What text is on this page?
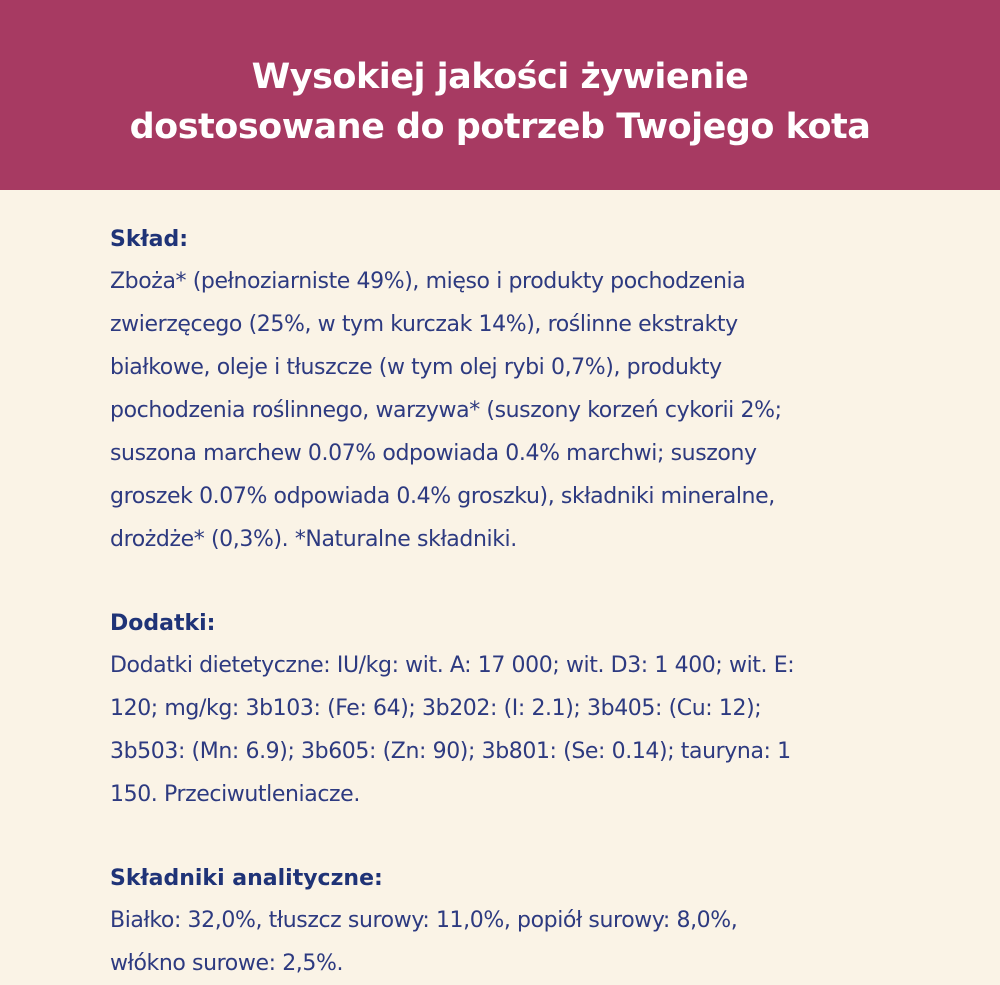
Wysokiej jakości żywienie
dostosowane do potrzeb Twojego kota
Skład:

Zboża* (pełnoziarniste 49%), mięso i produkty pochodzenia
zwierzęcego (25%, w tym kurczak 14%), roślinne ekstrakty
białkowe, oleje i tłuszcze (w tym olej rybi 0,7%), produkty
pochodzenia roślinnego, warzywa* (suszony korzeń cykorii 2%;
suszona marchew 0.07% odpowiada 0.4% marchwi; suszony
groszek 0.07% odpowiada 0.4% groszku), składniki mineralne,
drożdże* (0,3%). *Naturalne składniki.

Dodatki:

Dodatki dietetyczne: IU/kg: wit. A: 17 000; wit. D3: 1 400; wit. E:
120; mg/kg: 3b103: (Fe: 64); 3b202: (I: 2.1); 3b405: (Cu: 12);
3b503: (Mn: 6.9); 3b605: (Zn: 90); 3b801: (Se: 0.14); tauryna: 1
150. Przeciwutleniacze.

Składniki analityczne:

Białko: 32,0%, tłuszcz surowy: 11,0%, popiół surowy: 8,0%,
włókno surowe: 2,5%.
